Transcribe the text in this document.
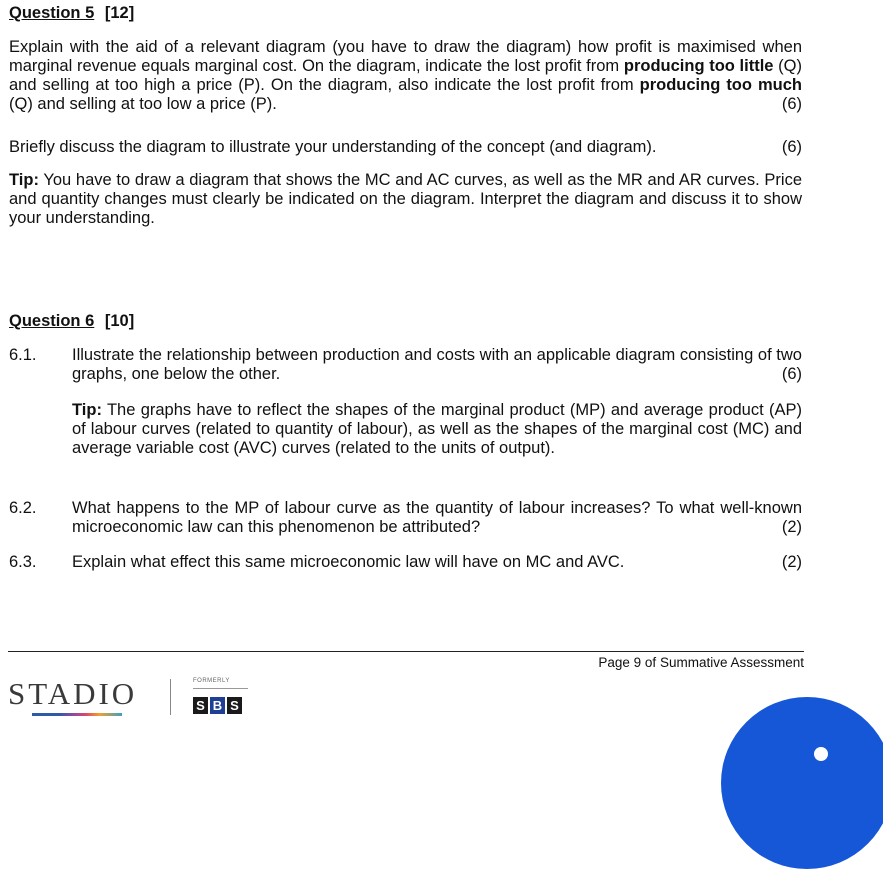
Question 5 [12]
Explain with the aid of a relevant diagram (you have to draw the diagram) how profit is maximised when marginal revenue equals marginal cost. On the diagram, indicate the lost profit from producing too little (Q) and selling at too high a price (P). On the diagram, also indicate the lost profit from producing too much (Q) and selling at too low a price (P).	(6)
Briefly discuss the diagram to illustrate your understanding of the concept (and diagram).	(6)
Tip: You have to draw a diagram that shows the MC and AC curves, as well as the MR and AR curves. Price and quantity changes must clearly be indicated on the diagram. Interpret the diagram and discuss it to show your understanding.
Question 6 [10]
6.1. Illustrate the relationship between production and costs with an applicable diagram consisting of two graphs, one below the other.	(6)
Tip: The graphs have to reflect the shapes of the marginal product (MP) and average product (AP) of labour curves (related to quantity of labour), as well as the shapes of the marginal cost (MC) and average variable cost (AVC) curves (related to the units of output).
6.2. What happens to the MP of labour curve as the quantity of labour increases? To what well-known microeconomic law can this phenomenon be attributed?	(2)
6.3. Explain what effect this same microeconomic law will have on MC and AVC.	(2)
Page 9 of Summative Assessment
STADIO	FORMERLY
S B S
